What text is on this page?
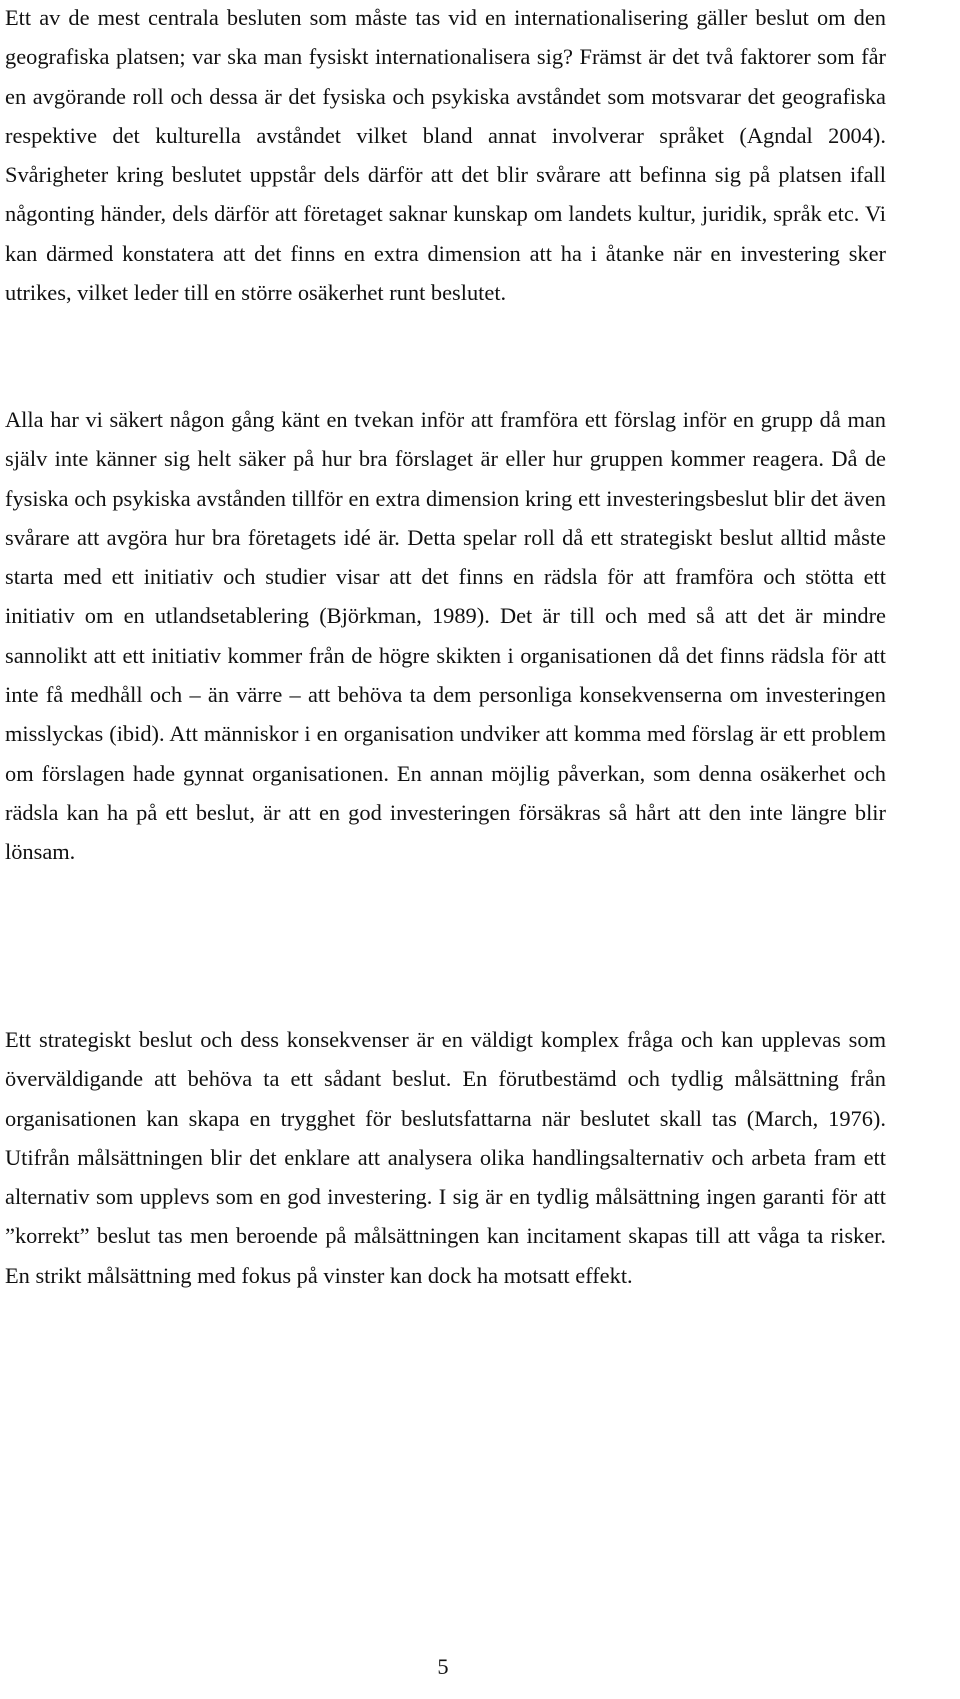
Ett av de mest centrala besluten som måste tas vid en internationalisering gäller beslut om den geografiska platsen; var ska man fysiskt internationalisera sig? Främst är det två faktorer som får en avgörande roll och dessa är det fysiska och psykiska avståndet som motsvarar det geografiska respektive det kulturella avståndet vilket bland annat involverar språket (Agndal 2004). Svårigheter kring beslutet uppstår dels därför att det blir svårare att befinna sig på platsen ifall någonting händer, dels därför att företaget saknar kunskap om landets kultur, juridik, språk etc. Vi kan därmed konstatera att det finns en extra dimension att ha i åtanke när en investering sker utrikes, vilket leder till en större osäkerhet runt beslutet.

Alla har vi säkert någon gång känt en tvekan inför att framföra ett förslag inför en grupp då man själv inte känner sig helt säker på hur bra förslaget är eller hur gruppen kommer reagera. Då de fysiska och psykiska avstånden tillför en extra dimension kring ett investeringsbeslut blir det även svårare att avgöra hur bra företagets idé är. Detta spelar roll då ett strategiskt beslut alltid måste starta med ett initiativ och studier visar att det finns en rädsla för att framföra och stötta ett initiativ om en utlandsetablering (Björkman, 1989). Det är till och med så att det är mindre sannolikt att ett initiativ kommer från de högre skikten i organisationen då det finns rädsla för att inte få medhåll och – än värre – att behöva ta dem personliga konsekvenserna om investeringen misslyckas (ibid). Att människor i en organisation undviker att komma med förslag är ett problem om förslagen hade gynnat organisationen. En annan möjlig påverkan, som denna osäkerhet och rädsla kan ha på ett beslut, är att en god investeringen försäkras så hårt att den inte längre blir lönsam.

Ett strategiskt beslut och dess konsekvenser är en väldigt komplex fråga och kan upplevas som överväldigande att behöva ta ett sådant beslut. En förutbestämd och tydlig målsättning från organisationen kan skapa en trygghet för beslutsfattarna när beslutet skall tas (March, 1976). Utifrån målsättningen blir det enklare att analysera olika handlingsalternativ och arbeta fram ett alternativ som upplevs som en god investering. I sig är en tydlig målsättning ingen garanti för att ”korrekt” beslut tas men beroende på målsättningen kan incitament skapas till att våga ta risker. En strikt målsättning med fokus på vinster kan dock ha motsatt effekt.

5
